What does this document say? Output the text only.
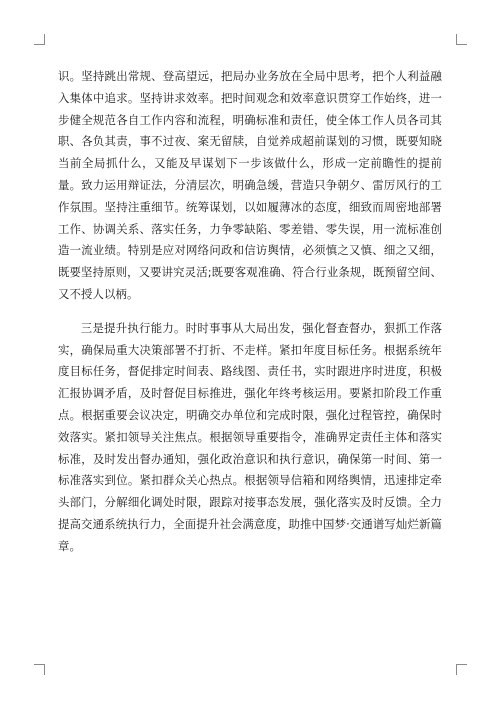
识。坚持跳出常规、登高望远，把局办业务放在全局中思考，把个人利益融入集体中追求。坚持讲求效率。把时间观念和效率意识贯穿工作始终，进一步健全规范各自工作内容和流程，明确标准和责任，使全体工作人员各司其职、各负其责，事不过夜、案无留牍，自觉养成超前谋划的习惯，既要知晓当前全局抓什么，又能及早谋划下一步该做什么，形成一定前瞻性的提前量。致力运用辩证法，分清层次，明确急缓，营造只争朝夕、雷厉风行的工作氛围。坚持注重细节。统筹谋划，以如履薄冰的态度，细致而周密地部署工作、协调关系、落实任务，力争零缺陷、零差错、零失误，用一流标准创造一流业绩。特别是应对网络问政和信访舆情，必须慎之又慎、细之又细，既要坚持原则，又要讲究灵活;既要客观准确、符合行业条规，既预留空间、又不授人以柄。

三是提升执行能力。时时事事从大局出发，强化督查督办，狠抓工作落实，确保局重大决策部署不打折、不走样。紧扣年度目标任务。根据系统年度目标任务，督促排定时间表、路线图、责任书，实时跟进序时进度，积极汇报协调矛盾，及时督促目标推进，强化年终考核运用。要紧扣阶段工作重点。根据重要会议决定，明确交办单位和完成时限，强化过程管控，确保时效落实。紧扣领导关注焦点。根据领导重要指令，准确界定责任主体和落实标准，及时发出督办通知，强化政治意识和执行意识，确保第一时间、第一标准落实到位。紧扣群众关心热点。根据领导信箱和网络舆情，迅速排定牵头部门，分解细化调处时限，跟踪对接事态发展，强化落实及时反馈。全力提高交通系统执行力，全面提升社会满意度，助推中国梦·交通谱写灿烂新篇章。
